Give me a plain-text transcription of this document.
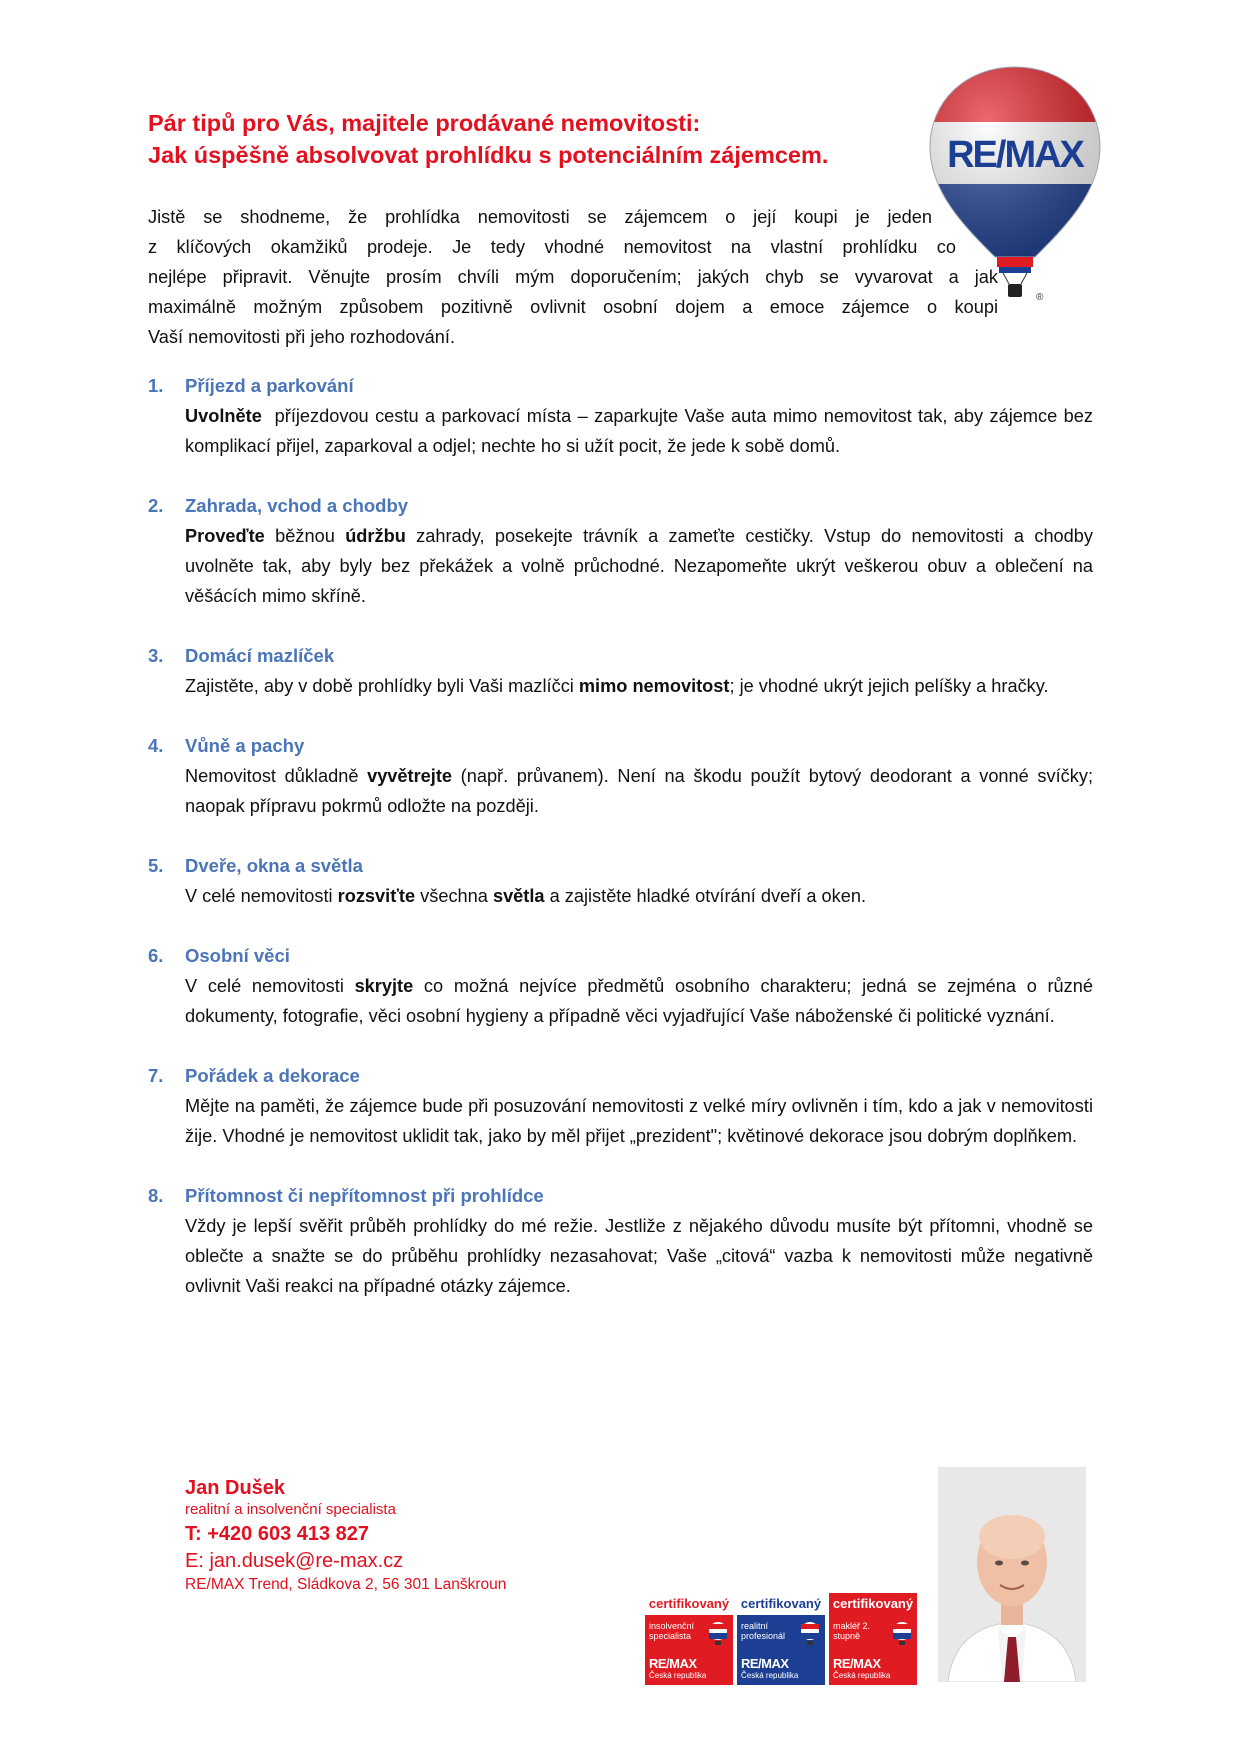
Pár tipů pro Vás, majitele prodávané nemovitosti:
Jak úspěšně absolvovat prohlídku s potenciálním zájemcem.	RE/MAX
®

Jistě se shodneme, že prohlídka nemovitosti se zájemcem o její koupi je jeden

z klíčových okamžiků prodeje. Je tedy vhodné nemovitost na vlastní prohlídku co

nejlépe připravit. Věnujte prosím chvíli mým doporučením; jakých chyb se vyvarovat a jak

maximálně možným způsobem pozitivně ovlivnit osobní dojem a emoce zájemce o koupi

Vaší nemovitosti při jeho rozhodování.

1.	Příjezd a parkování
Uvolněte  příjezdovou cestu a parkovací místa – zaparkujte Vaše auta mimo nemovitost tak, aby zájemce bez komplikací přijel, zaparkoval a odjel; nechte ho si užít pocit, že jede k sobě domů.
2.	Zahrada, vchod a chodby
Proveďte běžnou údržbu zahrady, posekejte trávník a zameťte cestičky. Vstup do nemovitosti a chodby uvolněte tak, aby byly bez překážek a volně průchodné. Nezapomeňte ukrýt veškerou obuv a oblečení na věšácích mimo skříně.
3.	Domácí mazlíček
Zajistěte, aby v době prohlídky byli Vaši mazlíčci mimo nemovitost; je vhodné ukrýt jejich pelíšky a hračky.
4.	Vůně a pachy
Nemovitost důkladně vyvětrejte (např. průvanem). Není na škodu použít bytový deodorant a vonné svíčky; naopak přípravu pokrmů odložte na později.
5.	Dveře, okna a světla
V celé nemovitosti rozsviťte všechna světla a zajistěte hladké otvírání dveří a oken.
6.	Osobní věci
V celé nemovitosti skryjte co možná nejvíce předmětů osobního charakteru; jedná se zejména o různé dokumenty, fotografie, věci osobní hygieny a případně věci vyjadřující Vaše náboženské či politické vyznání.
7.	Pořádek a dekorace
Mějte na paměti, že zájemce bude při posuzování nemovitosti z velké míry ovlivněn i tím, kdo a jak v nemovitosti žije. Vhodné je nemovitost uklidit tak, jako by měl přijet „prezident"; květinové dekorace jsou dobrým doplňkem.
8.	Přítomnost či nepřítomnost při prohlídce
Vždy je lepší svěřit průběh prohlídky do mé režie. Jestliže z nějakého důvodu musíte být přítomni, vhodně se oblečte a snažte se do průběhu prohlídky nezasahovat; Vaše „citová“ vazba k nemovitosti může negativně ovlivnit Vaši reakci na případné otázky zájemce.
Jan Dušek
realitní a insolvenční specialista
T: +420 603 413 827
E: jan.dusek@re-max.cz
RE/MAX Trend, Sládkova 2, 56 301 Lanškroun
certifikovaný
insolvenční specialista
RE/MAX
Česká republika
certifikovaný
realitní profesionál
RE/MAX
Česká republika
certifikovaný
makléř 2. stupně
RE/MAX
Česká republika
